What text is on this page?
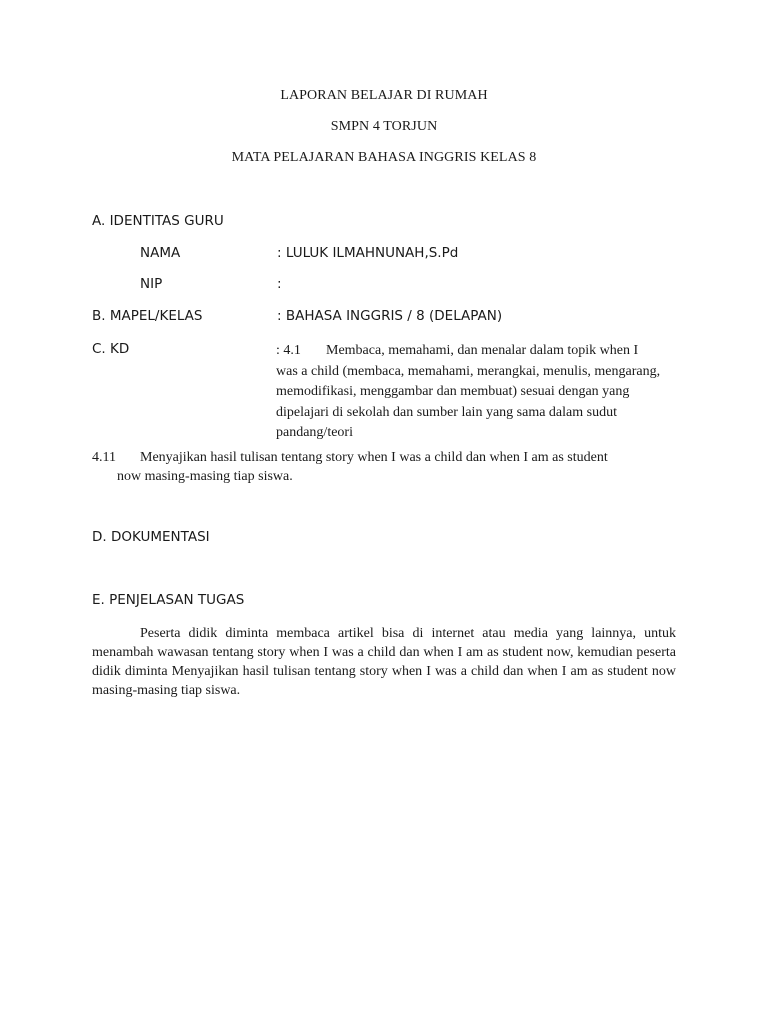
LAPORAN BELAJAR DI RUMAH
SMPN 4 TORJUN
MATA PELAJARAN BAHASA INGGRIS KELAS 8
A. IDENTITAS GURU
NAMA	: LULUK ILMAHNUNAH,S.Pd
NIP	:
B. MAPEL/KELAS	: BAHASA INGGRIS / 8 (DELAPAN)
C. KD	: 4.1 Membaca, memahami, dan menalar dalam topik when I
was a child (membaca, memahami, merangkai, menulis, mengarang, memodifikasi, menggambar dan membuat) sesuai dengan yang dipelajari di sekolah dan sumber lain yang sama dalam sudut pandang/teori
4.11 Menyajikan hasil tulisan tentang story when I was a child dan when I am as student
now masing-masing tiap siswa.
D. DOKUMENTASI
E. PENJELASAN TUGAS
Peserta didik diminta membaca artikel bisa di internet atau media yang lainnya, untuk menambah wawasan tentang story when I was a child dan when I am as student now, kemudian peserta didik diminta Menyajikan hasil tulisan tentang story when I was a child dan when I am as student now masing-masing tiap siswa.
